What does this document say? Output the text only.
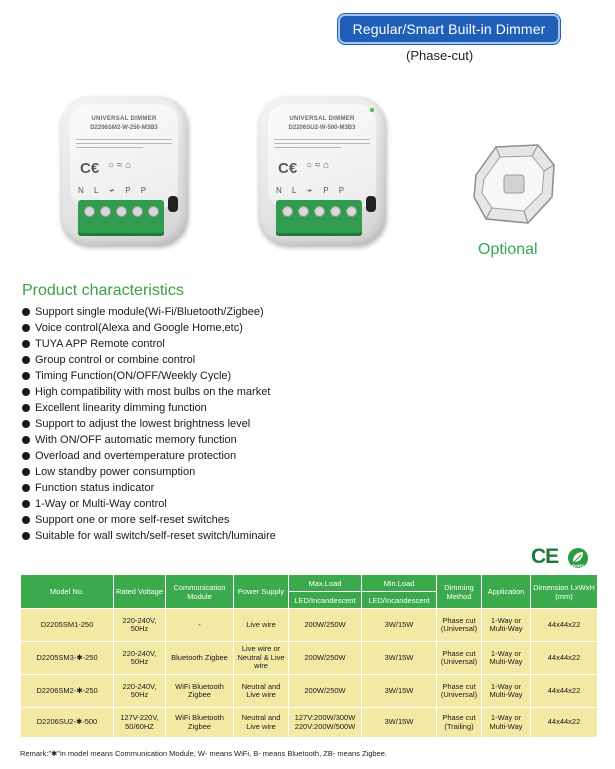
Regular/Smart Built-in Dimmer
(Phase-cut)
UNIVERSAL DIMMER
D2206SM2-W-250-M3B3
C€ ○ ≈ ⌂
N L ≁ P P
UNIVERSAL DIMMER
D2206SU2-W-500-M3B3
C€ ○ ≈ ⌂
N L ≁ P P
Optional
Product characteristics
Support single module(Wi-Fi/Bluetooth/Zigbee)
Voice control(Alexa and Google Home,etc)
TUYA APP Remote control
Group control or combine control
Timing Function(ON/OFF/Weekly Cycle)
High compatibility with most bulbs on the market
Excellent linearity dimming function
Support to adjust the lowest brightness level
With ON/OFF automatic memory function
Overload and overtemperature protection
Low standby power consumption
Function status indicator
1-Way or Multi-Way control
Support one or more self-reset switches
Suitable for wall switch/self-reset switch/luminaire
CE	RoHS
Model No.	Rated Voltage	Communication Module	Power Supply	Max.Load	Min.Load	Dimming Method	Application	Dimension LxWxH (mm)
				LED/Incandescent	LED/Incandescent			
D2205SM1-250	220-240V, 50Hz	-	Live wire	200W/250W	3W/15W	Phase cut (Universal)	1-Way or Multi-Way	44x44x22
D2205SM3-✱-250	220-240V, 50Hz	Bluetooth Zigbee	Live wire or Neutral & Live wire	200W/250W	3W/15W	Phase cut (Universal)	1-Way or Multi-Way	44x44x22
D2206SM2-✱-250	220-240V, 50Hz	WiFi Bluetooth Zigbee	Neutral and Live wire	200W/250W	3W/15W	Phase cut (Universal)	1-Way or Multi-Way	44x44x22
D2206SU2-✱-500	127V-220V, 50/60HZ	WiFi Bluetooth Zigbee	Neutral and Live wire	127V:200W/300W 220V:200W/500W	3W/15W	Phase cut (Trailing)	1-Way or Multi-Way	44x44x22
Remark:"✱"in model means Communication Module, W- means WiFi, B- means Bluetooth, ZB- means Zigbee.
